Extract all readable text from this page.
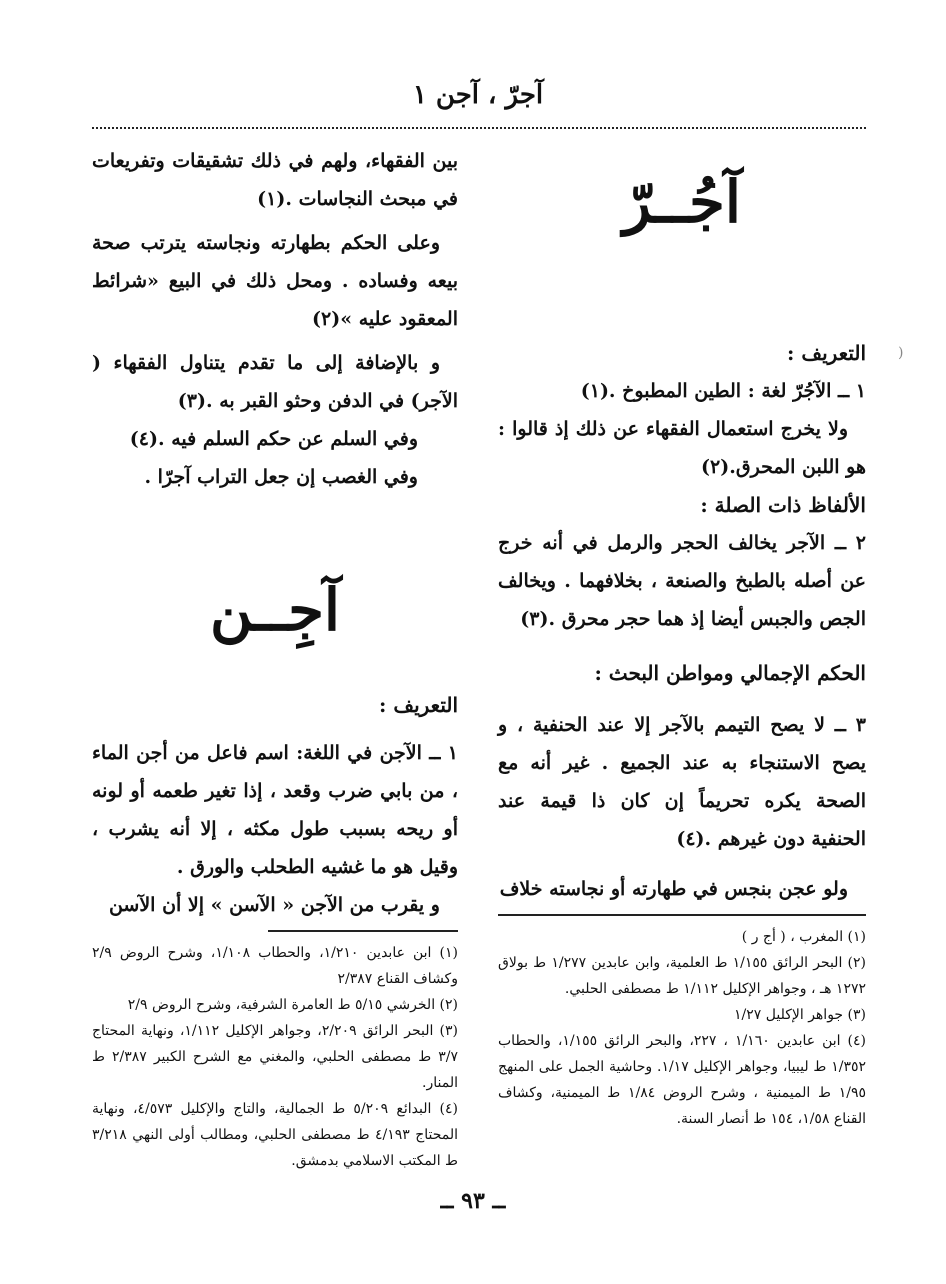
آجرّ ، آجن ١
)
آجُــرّ

التعريف :

١ ــ الآجُرّ لغة : الطين المطبوخ .(١)

ولا يخرج استعمال الفقهاء عن ذلك إذ قالوا : هو اللبن المحرق.(٢)

الألفاظ ذات الصلة :

٢ ــ الآجر يخالف الحجر والرمل في أنه خرج عن أصله بالطبخ والصنعة ، بخلافهما . ويخالف الجص والجبس أيضا إذ هما حجر محرق .(٣)

الحكم الإجمالي ومواطن البحث :

٣ ــ لا يصح التيمم بالآجر إلا عند الحنفية ، و يصح الاستنجاء به عند الجميع . غير أنه مع الصحة يكره تحريماً إن كان ذا قيمة عند الحنفية دون غيرهم .(٤)

ولو عجن بنجس في طهارته أو نجاسته خلاف

(١) المغرب ، ( أج ر )

(٢) البحر الرائق ١/١٥٥ ط العلمية، وابن عابدين ١/٢٧٧ ط بولاق ١٢٧٢ هـ ، وجواهر الإكليل ١/١١٢ ط مصطفى الحلبي.

(٣) جواهر الإكليل ١/٢٧

(٤) ابن عابدين ١/١٦٠ ، ٢٢٧، والبحر الرائق ١/١٥٥، والحطاب ١/٣٥٢ ط ليبيا، وجواهر الإكليل ١/١٧. وحاشية الجمل على المنهج ١/٩٥ ط الميمنية ، وشرح الروض ١/٨٤ ط الميمنية، وكشاف القناع ١/٥٨، ١٥٤ ط أنصار السنة.

بين الفقهاء، ولهم في ذلك تشقيقات وتفريعات في مبحث النجاسات .(١)

وعلى الحكم بطهارته ونجاسته يترتب صحة بيعه وفساده . ومحل ذلك في البيع «شرائط المعقود عليه »(٢)

و بالإضافة إلى ما تقدم يتناول الفقهاء ( الآجر) في الدفن وحثو القبر به .(٣)

وفي السلم عن حكم السلم فيه .(٤)

وفي الغصب إن جعل التراب آجرّا .

آجِــن

التعريف :

١ ــ الآجن في اللغة: اسم فاعل من أجن الماء ، من بابي ضرب وقعد ، إذا تغير طعمه أو لونه أو ريحه بسبب طول مكثه ، إلا أنه يشرب ، وقيل هو ما غشيه الطحلب والورق .

و يقرب من الآجن « الآسن » إلا أن الآسن

(١) ابن عابدين ١/٢١٠، والحطاب ١/١٠٨، وشرح الروض ٢/٩ وكشاف القناع ٢/٣٨٧

(٢) الخرشي ٥/١٥ ط العامرة الشرفية، وشرح الروض ٢/٩

(٣) البحر الرائق ٢/٢٠٩، وجواهر الإكليل ١/١١٢، ونهاية المحتاج ٣/٧ ط مصطفى الحلبي، والمغني مع الشرح الكبير ٢/٣٨٧ ط المنار.

(٤) البدائع ٥/٢٠٩ ط الجمالية، والتاج والإكليل ٤/٥٧٣، ونهاية المحتاج ٤/١٩٣ ط مصطفى الحلبي، ومطالب أولى النهي ٣/٢١٨ ط المكتب الاسلامي بدمشق.

ــ ٩٣ ــ
